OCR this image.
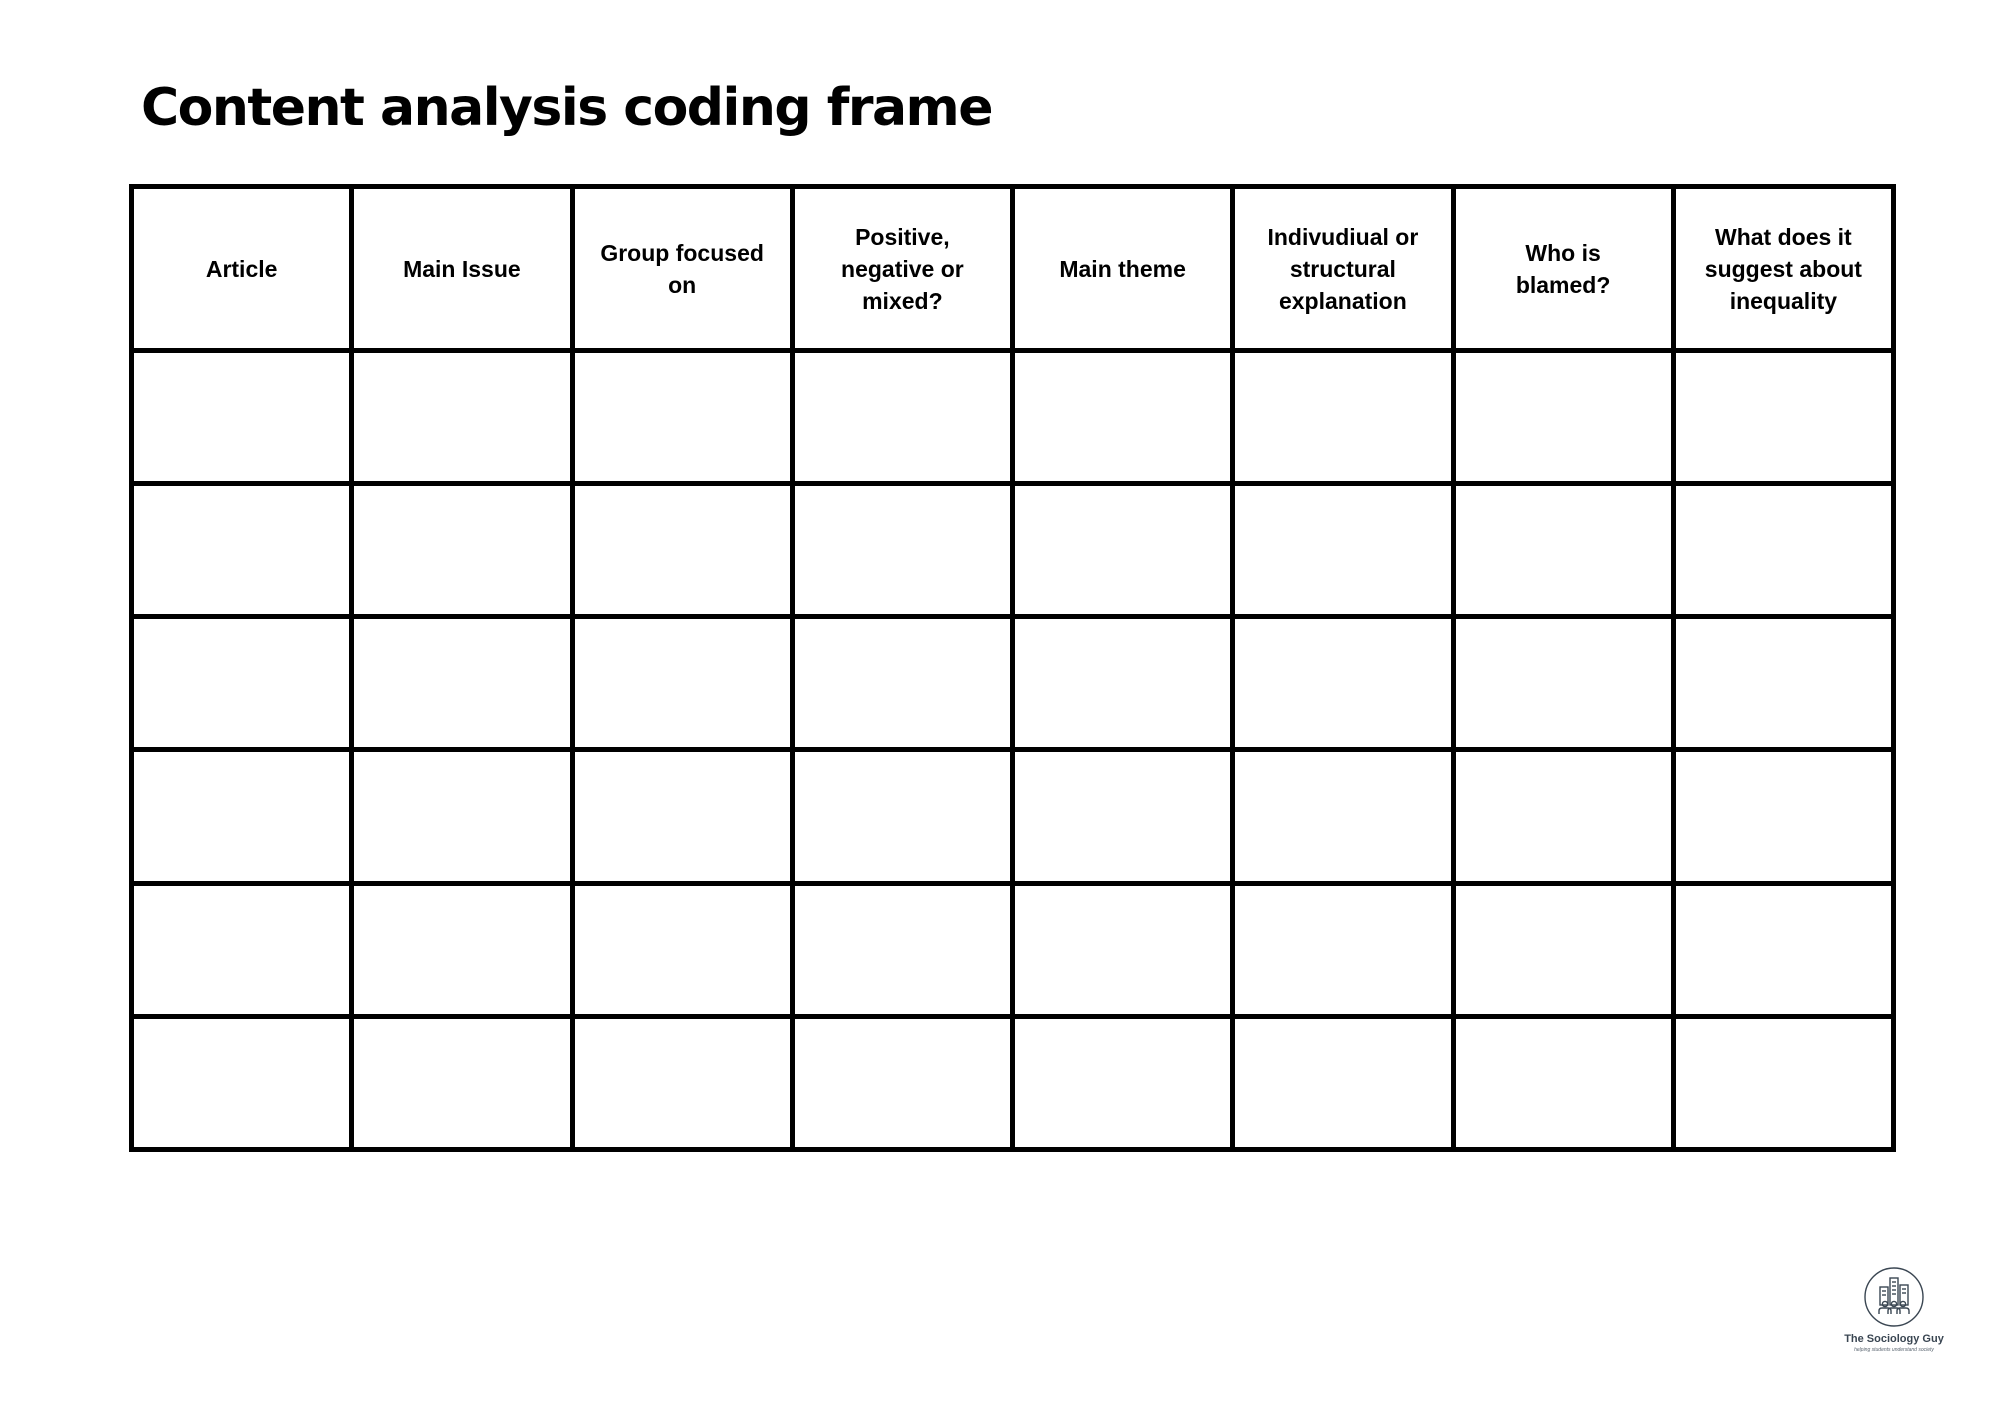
Content analysis coding frame
Article	Main Issue	Group focused on	Positive, negative or mixed?	Main theme	Indivudiual or structural explanation	Who is blamed?	What does it suggest about inequality

The Sociology Guy
helping students understand society
